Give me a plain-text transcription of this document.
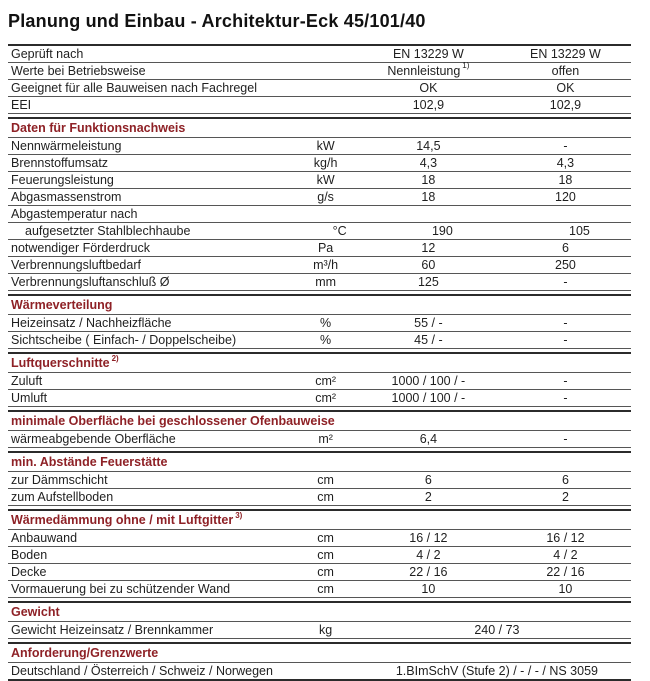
Planung und Einbau - Architektur-Eck 45/101/40
Geprüft nach	EN 13229 W	EN 13229 W
Werte bei Betriebsweise	Nennleistung $^{1)}$	offen
Geeignet für alle Bauweisen nach Fachregel	OK	OK
EEI	102,9	102,9
Daten für Funktionsnachweis
Nennwärmeleistung	kW	14,5	-
Brennstoffumsatz	kg/h	4,3	4,3
Feuerungsleistung	kW	18	18
Abgasmassenstrom	g/s	18	120
Abgastemperatur nach
aufgesetzter Stahlblechhaube	°C	190	105
notwendiger Förderdruck	Pa	12	6
Verbrennungsluftbedarf	m³/h	60	250
Verbrennungsluftanschluß Ø	mm	125	-
Wärmeverteilung
Heizeinsatz / Nachheizfläche	%	55 / -	-
Sichtscheibe ( Einfach- / Doppelscheibe)	%	45 / -	-
Luftquerschnitte $^{2)}$
Zuluft	cm²	1000 / 100 / -	-
Umluft	cm²	1000 / 100 / -	-
minimale Oberfläche bei geschlossener Ofenbauweise
wärmeabgebende Oberfläche	m²	6,4	-
min. Abstände Feuerstätte
zur Dämmschicht	cm	6	6
zum Aufstellboden	cm	2	2
Wärmedämmung ohne / mit Luftgitter $^{3)}$
Anbauwand	cm	16 / 12	16 / 12
Boden	cm	4 / 2	4 / 2
Decke	cm	22 / 16	22 / 16
Vormauerung bei zu schützender Wand	cm	10	10
Gewicht
Gewicht Heizeinsatz / Brennkammer	kg	240 / 73
Anforderung/Grenzwerte
Deutschland / Österreich / Schweiz / Norwegen	1.BImSchV (Stufe 2) / - / - / NS 3059
